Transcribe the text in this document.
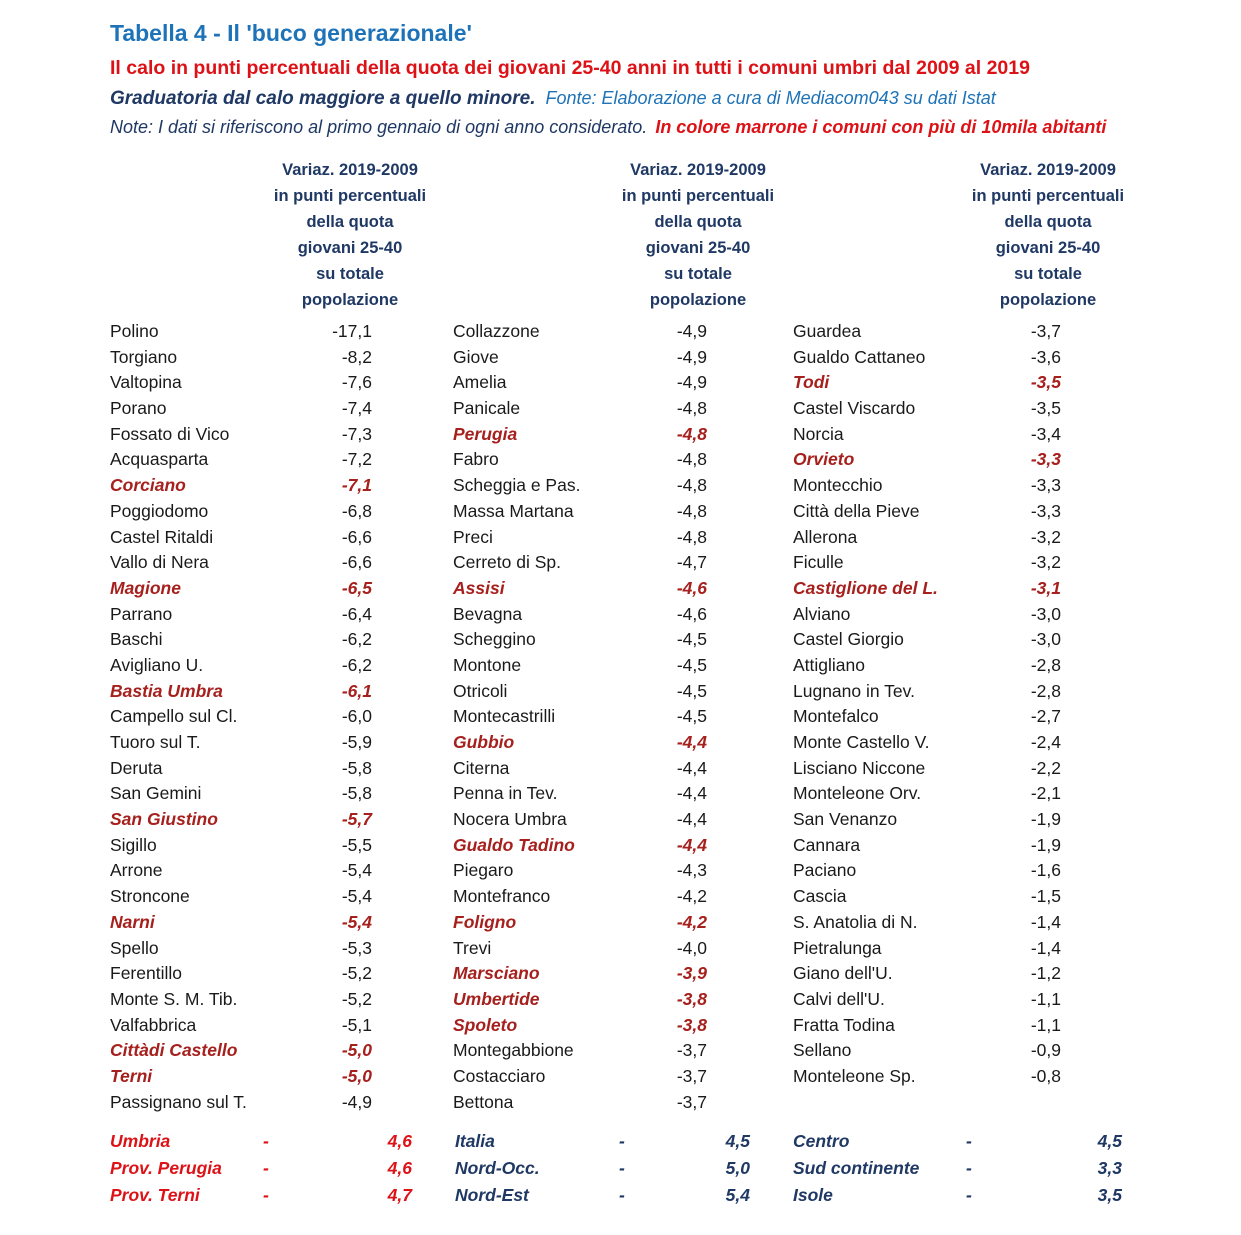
Tabella 4 - Il 'buco generazionale'
Il calo in punti percentuali della quota dei giovani 25-40 anni in tutti i comuni umbri dal 2009 al 2019
Graduatoria dal calo maggiore a quello minore. Fonte: Elaborazione a cura di Mediacom043 su dati Istat
Note: I dati si riferiscono al primo gennaio di ogni anno considerato. In colore marrone i comuni con più di 10mila abitanti
Variaz. 2019-2009
in punti percentuali
della quota
giovani 25-40
su totale
popolazione
Variaz. 2019-2009
in punti percentuali
della quota
giovani 25-40
su totale
popolazione
Variaz. 2019-2009
in punti percentuali
della quota
giovani 25-40
su totale
popolazione
Polino	-17,1
Torgiano	-8,2
Valtopina	-7,6
Porano	-7,4
Fossato di Vico	-7,3
Acquasparta	-7,2
Corciano	-7,1
Poggiodomo	-6,8
Castel Ritaldi	-6,6
Vallo di Nera	-6,6
Magione	-6,5
Parrano	-6,4
Baschi	-6,2
Avigliano U.	-6,2
Bastia Umbra	-6,1
Campello sul Cl.	-6,0
Tuoro sul T.	-5,9
Deruta	-5,8
San Gemini	-5,8
San Giustino	-5,7
Sigillo	-5,5
Arrone	-5,4
Stroncone	-5,4
Narni	-5,4
Spello	-5,3
Ferentillo	-5,2
Monte S. M. Tib.	-5,2
Valfabbrica	-5,1
Cittàdi Castello	-5,0
Terni	-5,0
Passignano sul T.	-4,9
Collazzone	-4,9
Giove	-4,9
Amelia	-4,9
Panicale	-4,8
Perugia	-4,8
Fabro	-4,8
Scheggia e Pas.	-4,8
Massa Martana	-4,8
Preci	-4,8
Cerreto di Sp.	-4,7
Assisi	-4,6
Bevagna	-4,6
Scheggino	-4,5
Montone	-4,5
Otricoli	-4,5
Montecastrilli	-4,5
Gubbio	-4,4
Citerna	-4,4
Penna in Tev.	-4,4
Nocera Umbra	-4,4
Gualdo Tadino	-4,4
Piegaro	-4,3
Montefranco	-4,2
Foligno	-4,2
Trevi	-4,0
Marsciano	-3,9
Umbertide	-3,8
Spoleto	-3,8
Montegabbione	-3,7
Costacciaro	-3,7
Bettona	-3,7
Guardea	-3,7
Gualdo Cattaneo	-3,6
Todi	-3,5
Castel Viscardo	-3,5
Norcia	-3,4
Orvieto	-3,3
Montecchio	-3,3
Città della Pieve	-3,3
Allerona	-3,2
Ficulle	-3,2
Castiglione del L.	-3,1
Alviano	-3,0
Castel Giorgio	-3,0
Attigliano	-2,8
Lugnano in Tev.	-2,8
Montefalco	-2,7
Monte Castello V.	-2,4
Lisciano Niccone	-2,2
Monteleone Orv.	-2,1
San Venanzo	-1,9
Cannara	-1,9
Paciano	-1,6
Cascia	-1,5
S. Anatolia di N.	-1,4
Pietralunga	-1,4
Giano dell'U.	-1,2
Calvi dell'U.	-1,1
Fratta Todina	-1,1
Sellano	-0,9
Monteleone Sp.	-0,8
Umbria	-	4,6
Prov. Perugia	-	4,6
Prov. Terni	-	4,7
Italia	-	4,5
Nord-Occ.	-	5,0
Nord-Est	-	5,4
Centro	-	4,5
Sud continente	-	3,3
Isole	-	3,5
